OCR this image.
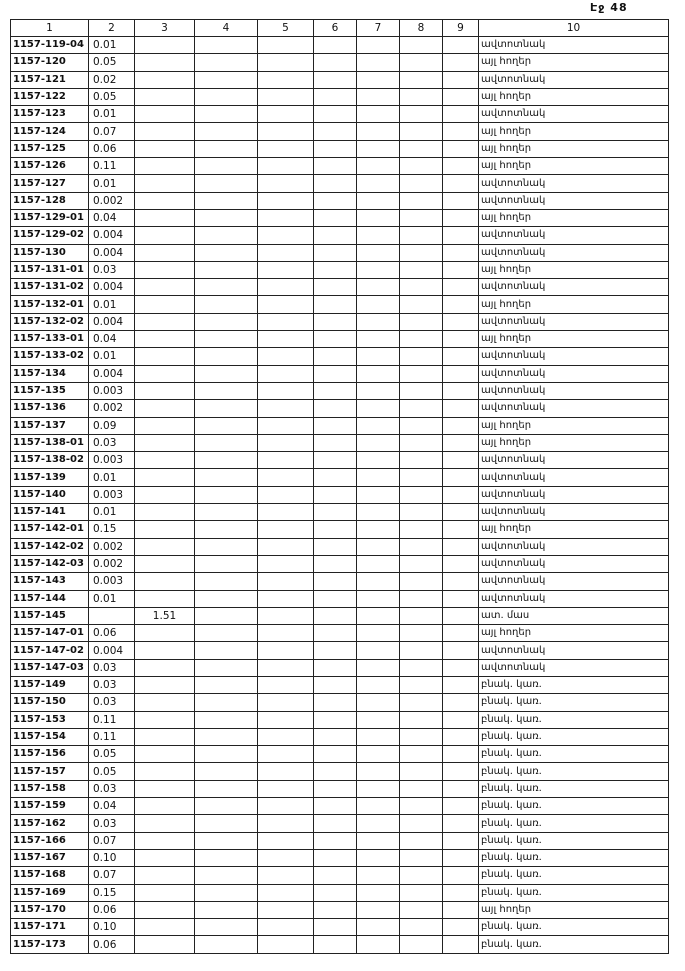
Էջ 48
1	2	3	4	5	6	7	8	9	10
1157-119-04	0.01								ավտոտնակ
1157-120	0.05								այլ հողեր
1157-121	0.02								ավտոտնակ
1157-122	0.05								այլ հողեր
1157-123	0.01								ավտոտնակ
1157-124	0.07								այլ հողեր
1157-125	0.06								այլ հողեր
1157-126	0.11								այլ հողեր
1157-127	0.01								ավտոտնակ
1157-128	0.002								ավտոտնակ
1157-129-01	0.04								այլ հողեր
1157-129-02	0.004								ավտոտնակ
1157-130	0.004								ավտոտնակ
1157-131-01	0.03								այլ հողեր
1157-131-02	0.004								ավտոտնակ
1157-132-01	0.01								այլ հողեր
1157-132-02	0.004								ավտոտնակ
1157-133-01	0.04								այլ հողեր
1157-133-02	0.01								ավտոտնակ
1157-134	0.004								ավտոտնակ
1157-135	0.003								ավտոտնակ
1157-136	0.002								ավտոտնակ
1157-137	0.09								այլ հողեր
1157-138-01	0.03								այլ հողեր
1157-138-02	0.003								ավտոտնակ
1157-139	0.01								ավտոտնակ
1157-140	0.003								ավտոտնակ
1157-141	0.01								ավտոտնակ
1157-142-01	0.15								այլ հողեր
1157-142-02	0.002								ավտոտնակ
1157-142-03	0.002								ավտոտնակ
1157-143	0.003								ավտոտնակ
1157-144	0.01								ավտոտնակ
1157-145		1.51							ատ. մաս
1157-147-01	0.06								այլ հողեր
1157-147-02	0.004								ավտոտնակ
1157-147-03	0.03								ավտոտնակ
1157-149	0.03								բնակ. կառ.
1157-150	0.03								բնակ. կառ.
1157-153	0.11								բնակ. կառ.
1157-154	0.11								բնակ. կառ.
1157-156	0.05								բնակ. կառ.
1157-157	0.05								բնակ. կառ.
1157-158	0.03								բնակ. կառ.
1157-159	0.04								բնակ. կառ.
1157-162	0.03								բնակ. կառ.
1157-166	0.07								բնակ. կառ.
1157-167	0.10								բնակ. կառ.
1157-168	0.07								բնակ. կառ.
1157-169	0.15								բնակ. կառ.
1157-170	0.06								այլ հողեր
1157-171	0.10								բնակ. կառ.
1157-173	0.06								բնակ. կառ.
